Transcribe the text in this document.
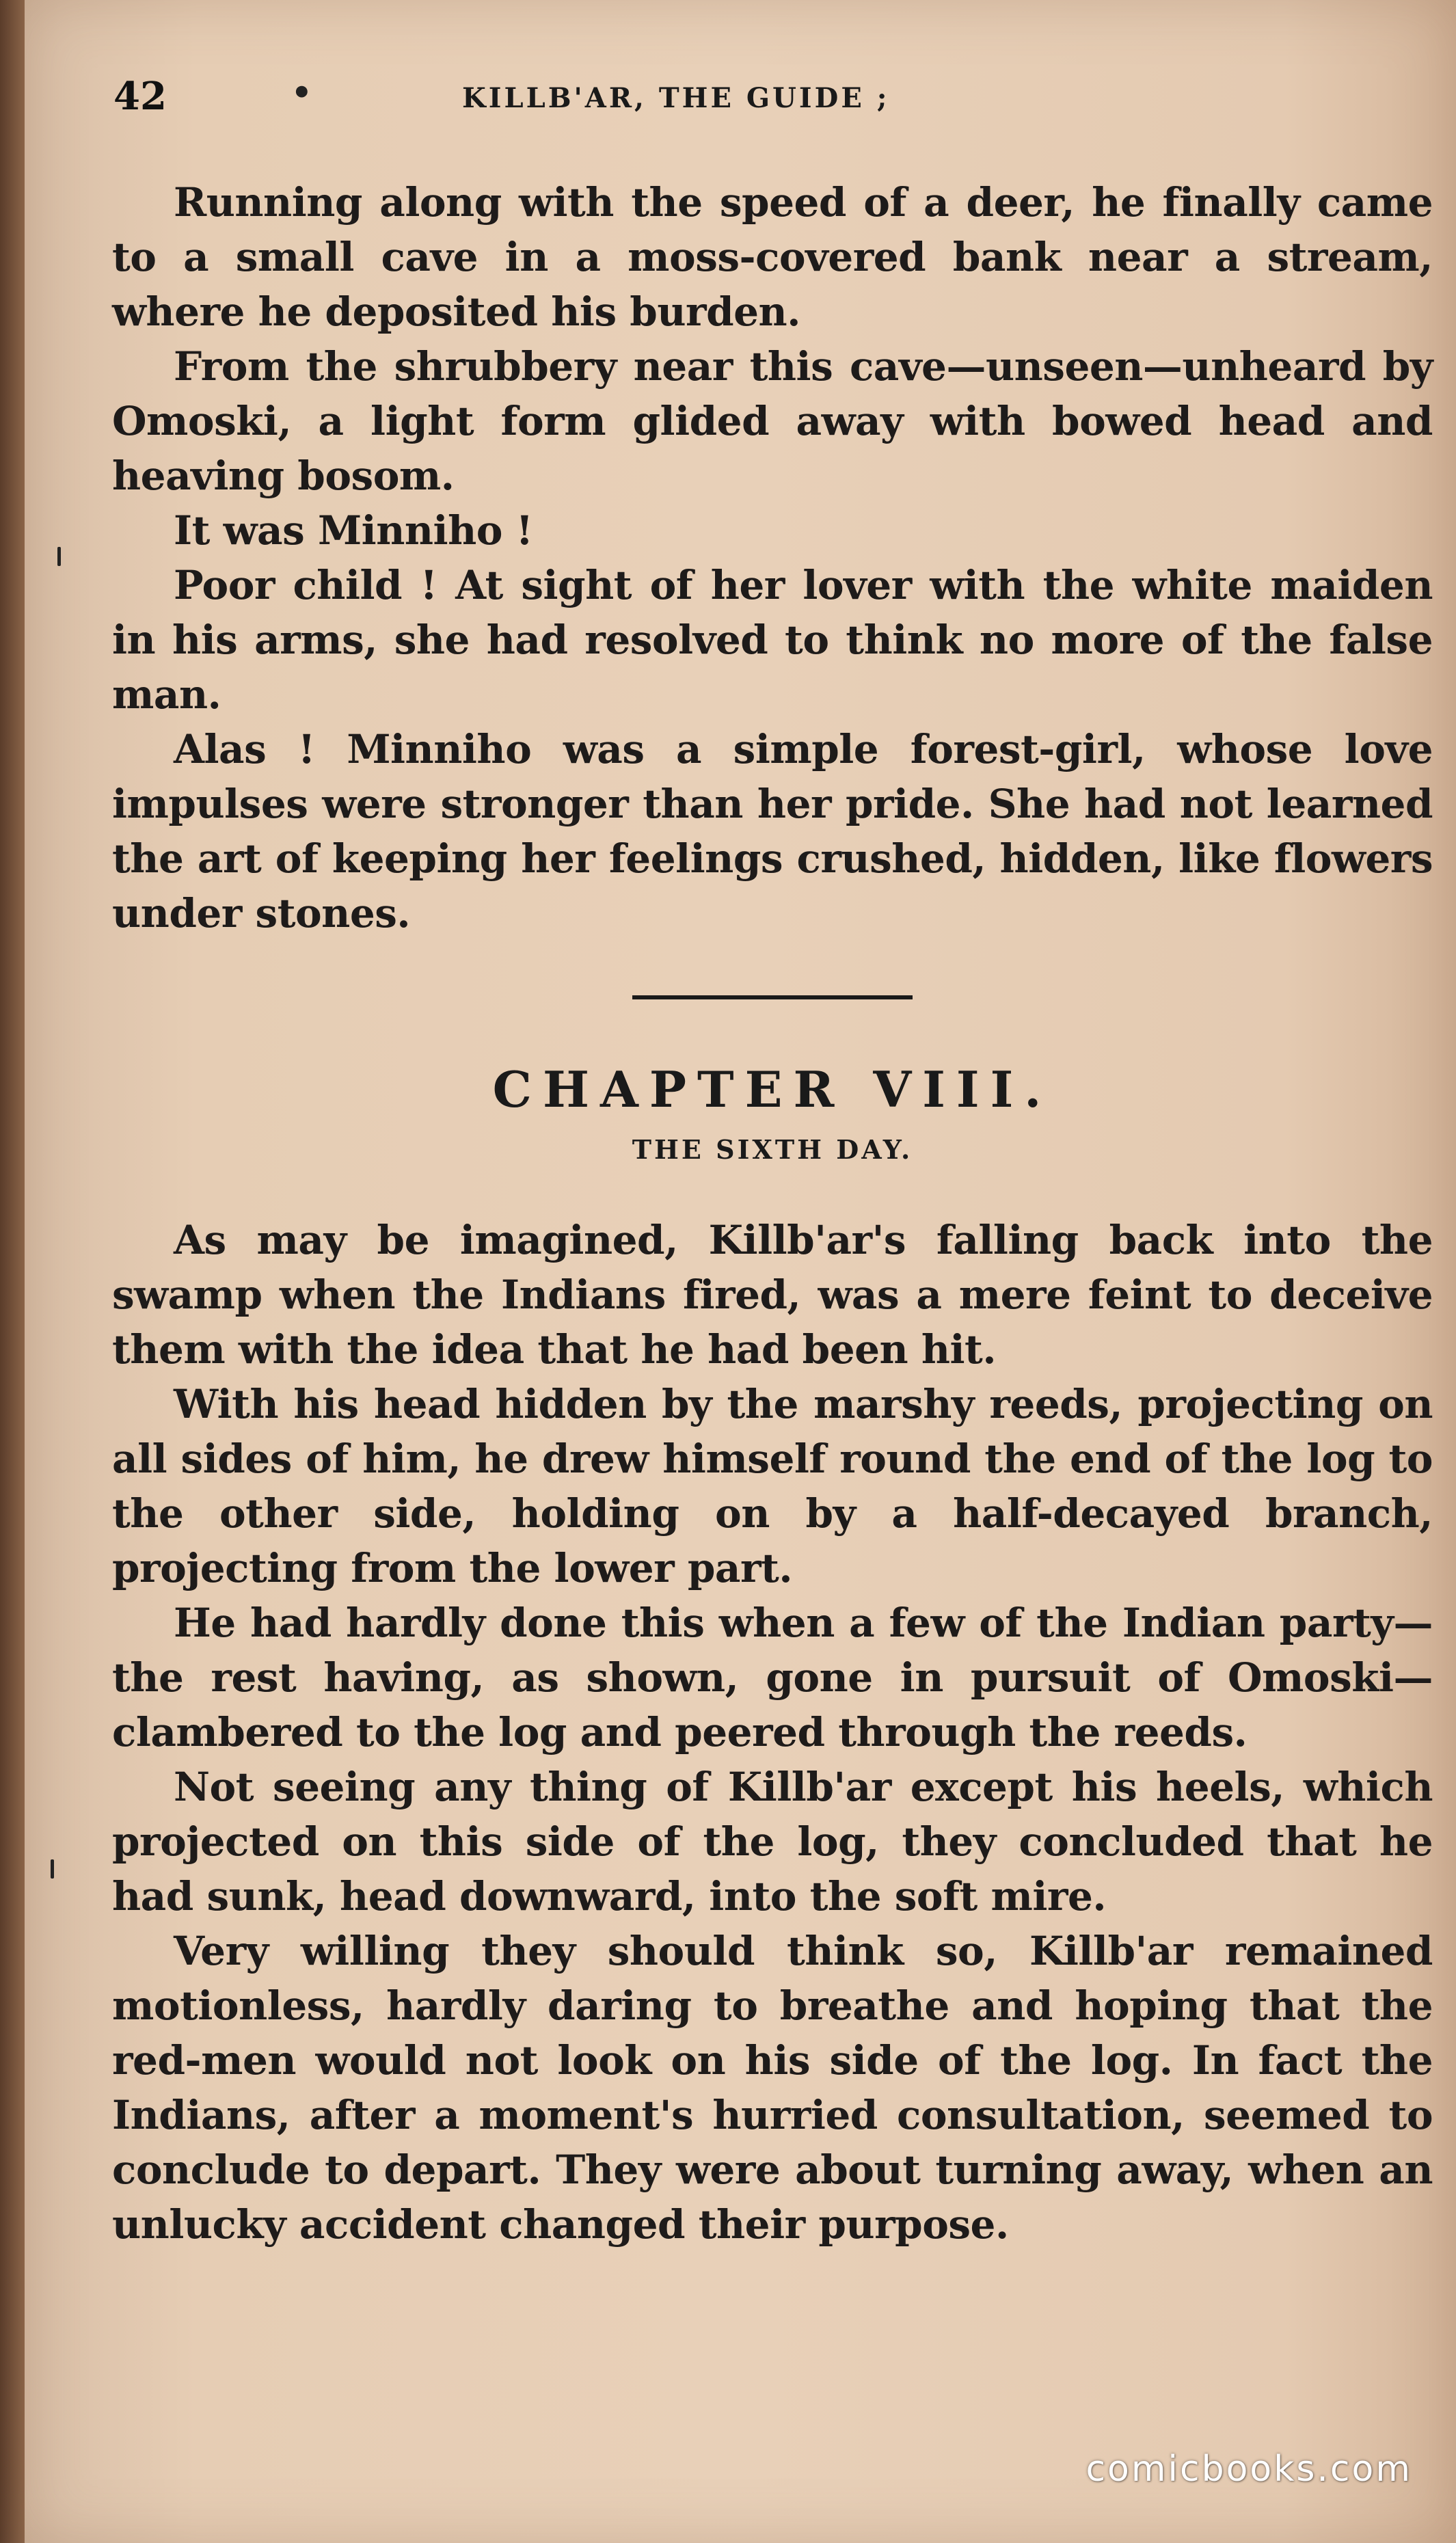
42	•	KILLB'AR, THE GUIDE ;

Running along with the speed of a deer, he finally came to a small cave in a moss-covered bank near a stream, where he deposited his burden.

From the shrubbery near this cave—unseen—unheard by Omoski, a light form glided away with bowed head and heaving bosom.

It was Minniho !

Poor child ! At sight of her lover with the white maiden in his arms, she had resolved to think no more of the false man.

Alas ! Minniho was a simple forest-girl, whose love impulses were stronger than her pride. She had not learned the art of keeping her feelings crushed, hidden, like flowers under stones.

CHAPTER VIII.
THE SIXTH DAY.

As may be imagined, Killb'ar's falling back into the swamp when the Indians fired, was a mere feint to deceive them with the idea that he had been hit.

With his head hidden by the marshy reeds, projecting on all sides of him, he drew himself round the end of the log to the other side, holding on by a half-decayed branch, projecting from the lower part.

He had hardly done this when a few of the Indian party—the rest having, as shown, gone in pursuit of Omoski—clambered to the log and peered through the reeds.

Not seeing any thing of Killb'ar except his heels, which projected on this side of the log, they concluded that he had sunk, head downward, into the soft mire.

Very willing they should think so, Killb'ar remained motionless, hardly daring to breathe and hoping that the red-men would not look on his side of the log. In fact the Indians, after a moment's hurried consultation, seemed to conclude to depart. They were about turning away, when an unlucky accident changed their purpose.

comicbooks.com
